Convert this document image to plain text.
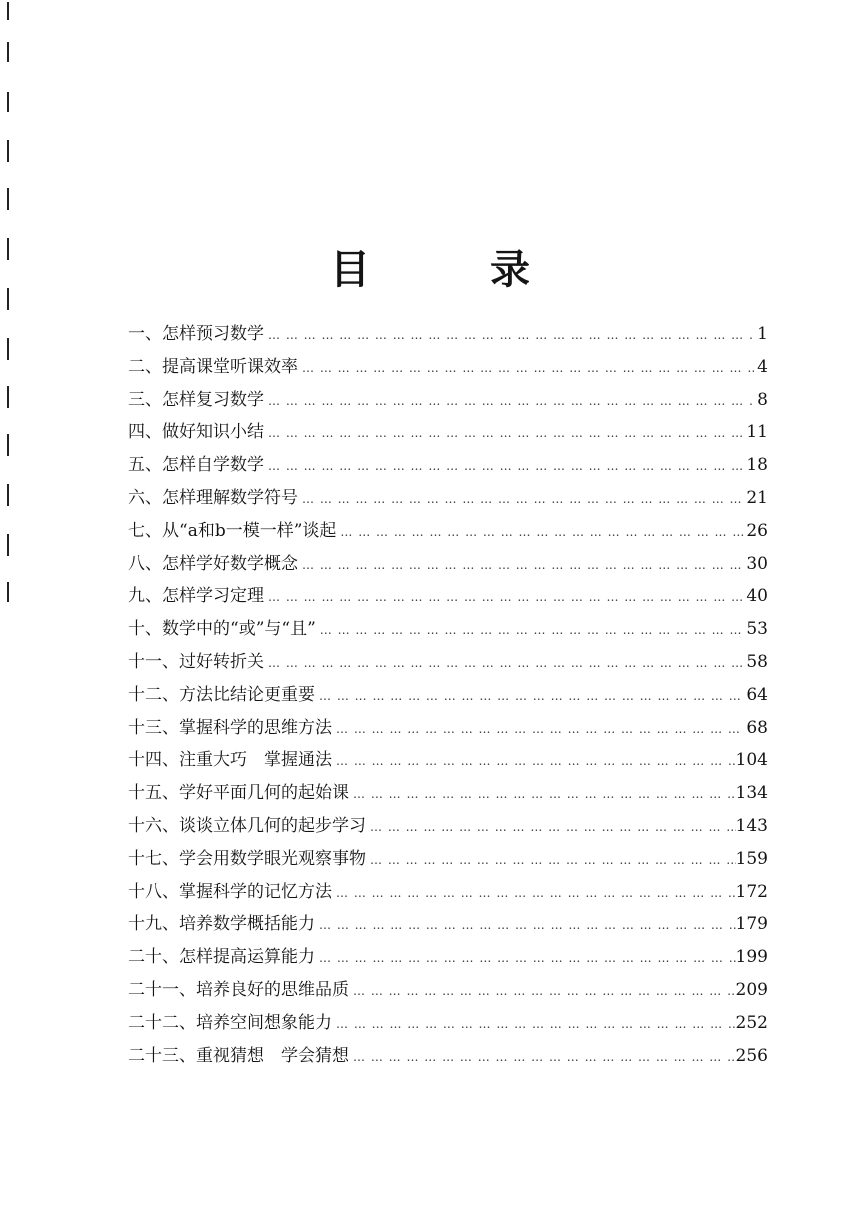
目	录
一、怎样预习数学 … … … … … … … … … … … … … … … … … … … … … … … … … … … … … … … … … … … … … … …	1
二、提高课堂听课效率 … … … … … … … … … … … … … … … … … … … … … … … … … … … … … … … … … … … … … … …	4
三、怎样复习数学 … … … … … … … … … … … … … … … … … … … … … … … … … … … … … … … … … … … … … … …	8
四、做好知识小结 … … … … … … … … … … … … … … … … … … … … … … … … … … … … … … … … … … … … … … …	11
五、怎样自学数学 … … … … … … … … … … … … … … … … … … … … … … … … … … … … … … … … … … … … … … …	18
六、怎样理解数学符号 … … … … … … … … … … … … … … … … … … … … … … … … … … … … … … … … … … … … … … …	21
七、从“a和b一模一样”谈起 … … … … … … … … … … … … … … … … … … … … … … … … … … … … … … … … … … … … … … …	26
八、怎样学好数学概念 … … … … … … … … … … … … … … … … … … … … … … … … … … … … … … … … … … … … … … …	30
九、怎样学习定理 … … … … … … … … … … … … … … … … … … … … … … … … … … … … … … … … … … … … … … …	40
十、数学中的“或”与“且” … … … … … … … … … … … … … … … … … … … … … … … … … … … … … … … … … … … … … … …	53
十一、过好转折关 … … … … … … … … … … … … … … … … … … … … … … … … … … … … … … … … … … … … … … …	58
十二、方法比结论更重要 … … … … … … … … … … … … … … … … … … … … … … … … … … … … … … … … … … … … … … …	64
十三、掌握科学的思维方法 … … … … … … … … … … … … … … … … … … … … … … … … … … … … … … … … … … … … … … …	68
十四、注重大巧　掌握通法 … … … … … … … … … … … … … … … … … … … … … … … … … … … … … … … … … … … … … … …	104
十五、学好平面几何的起始课 … … … … … … … … … … … … … … … … … … … … … … … … … … … … … … … … … … … … … … …	134
十六、谈谈立体几何的起步学习 … … … … … … … … … … … … … … … … … … … … … … … … … … … … … … … … … … … … … … …	143
十七、学会用数学眼光观察事物 … … … … … … … … … … … … … … … … … … … … … … … … … … … … … … … … … … … … … … …	159
十八、掌握科学的记忆方法 … … … … … … … … … … … … … … … … … … … … … … … … … … … … … … … … … … … … … … …	172
十九、培养数学概括能力 … … … … … … … … … … … … … … … … … … … … … … … … … … … … … … … … … … … … … … …	179
二十、怎样提高运算能力 … … … … … … … … … … … … … … … … … … … … … … … … … … … … … … … … … … … … … … …	199
二十一、培养良好的思维品质 … … … … … … … … … … … … … … … … … … … … … … … … … … … … … … … … … … … … … … …	209
二十二、培养空间想象能力 … … … … … … … … … … … … … … … … … … … … … … … … … … … … … … … … … … … … … … …	252
二十三、重视猜想　学会猜想 … … … … … … … … … … … … … … … … … … … … … … … … … … … … … … … … … … … … … … …	256
